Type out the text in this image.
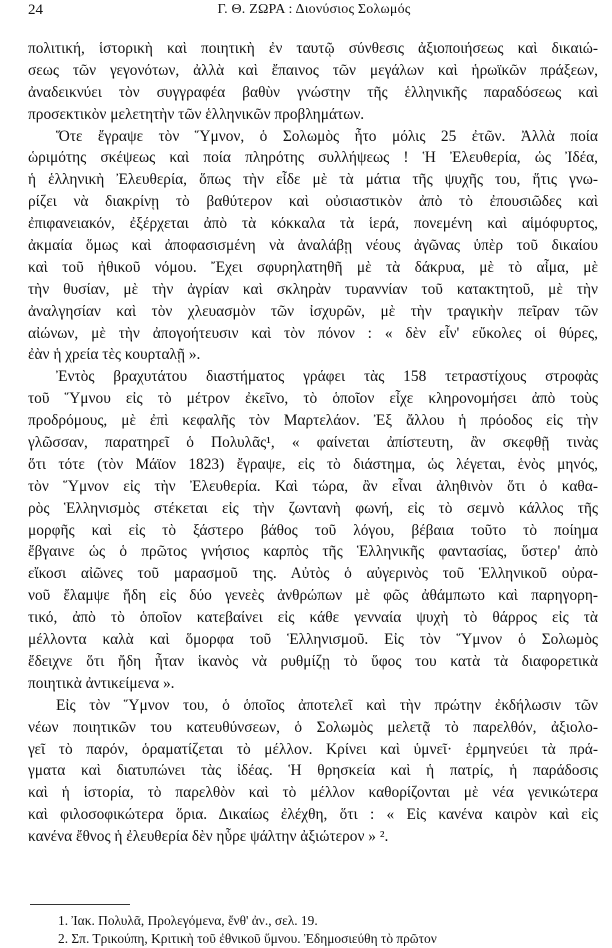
24	Γ. Θ. ΖΩΡΑ : Διονύσιος Σολωμός
πολιτική, ἱστορικὴ καὶ ποιητικὴ ἐν ταυτῷ σύνθεσις ἀξιοποιήσεως καὶ δικαιώ-
σεως τῶν γεγονότων, ἀλλὰ καὶ ἔπαινος τῶν μεγάλων καὶ ἡρωϊκῶν πράξεων,
ἀναδεικνύει τὸν συγγραφέα βαθὺν γνώστην τῆς ἑλληνικῆς παραδόσεως καὶ
προσεκτικὸν μελετητὴν τῶν ἑλληνικῶν προβλημάτων.
Ὅτε ἔγραψε τὸν Ὕμνον, ὁ Σολωμὸς ἦτο μόλις 25 ἐτῶν. Ἀλλὰ ποία
ὡριμότης σκέψεως καὶ ποία πληρότης συλλήψεως ! Ἡ Ἐλευθερία, ὡς Ἰδέα,
ἡ ἑλληνικὴ Ἐλευθερία, ὅπως τὴν εἶδε μὲ τὰ μάτια τῆς ψυχῆς του, ἥτις γνω-
ρίζει νὰ διακρίνῃ τὸ βαθύτερον καὶ οὐσιαστικὸν ἀπὸ τὸ ἐπουσιῶδες καὶ
ἐπιφανειακόν, ἐξέρχεται ἀπὸ τὰ κόκκαλα τὰ ἱερά, πονεμένη καὶ αἱμόφυρτος,
ἀκμαία ὅμως καὶ ἀποφασισμένη νὰ ἀναλάβῃ νέους ἀγῶνας ὑπὲρ τοῦ δικαίου
καὶ τοῦ ἠθικοῦ νόμου. Ἔχει σφυρηλατηθῆ μὲ τὰ δάκρυα, μὲ τὸ αἷμα, μὲ
τὴν θυσίαν, μὲ τὴν ἀγρίαν καὶ σκληρὰν τυραννίαν τοῦ κατακτητοῦ, μὲ τὴν
ἀναλγησίαν καὶ τὸν χλευασμὸν τῶν ἰσχυρῶν, μὲ τὴν τραγικὴν πεῖραν τῶν
αἰώνων, μὲ τὴν ἀπογοήτευσιν καὶ τὸν πόνον : « δὲν εἶν' εὔκολες οἱ θύρες,
ἐὰν ἡ χρεία τὲς κουρταλῇ ».
Ἐντὸς βραχυτάτου διαστήματος γράφει τὰς 158 τετραστίχους στροφὰς
τοῦ Ὕμνου εἰς τὸ μέτρον ἐκεῖνο, τὸ ὁποῖον εἶχε κληρονομήσει ἀπὸ τοὺς
προδρόμους, μὲ ἐπὶ κεφαλῆς τὸν Μαρτελάον. Ἐξ ἄλλου ἡ πρόοδος εἰς τὴν
γλῶσσαν, παρατηρεῖ ὁ Πολυλᾶς¹, « φαίνεται ἀπίστευτη, ἂν σκεφθῇ τινὰς
ὅτι τότε (τὸν Μάϊον 1823) ἔγραψε, εἰς τὸ διάστημα, ὡς λέγεται, ἑνὸς μηνός,
τὸν Ὕμνον εἰς τὴν Ἐλευθερία. Καὶ τώρα, ἂν εἶναι ἀληθινὸν ὅτι ὁ καθα-
ρὸς Ἑλληνισμὸς στέκεται εἰς τὴν ζωντανὴ φωνή, εἰς τὸ σεμνὸ κάλλος τῆς
μορφῆς καὶ εἰς τὸ ξάστερο βάθος τοῦ λόγου, βέβαια τοῦτο τὸ ποίημα
ἔβγαινε ὡς ὁ πρῶτος γνήσιος καρπὸς τῆς Ἑλληνικῆς φαντασίας, ὕστερ' ἀπὸ
εἴκοσι αἰῶνες τοῦ μαρασμοῦ της. Αὐτὸς ὁ αὐγερινὸς τοῦ Ἑλληνικοῦ οὐρα-
νοῦ ἔλαμψε ἤδη εἰς δύο γενεὲς ἀνθρώπων μὲ φῶς ἀθάμπωτο καὶ παρηγορη-
τικό, ἀπὸ τὸ ὁποῖον κατεβαίνει εἰς κάθε γενναία ψυχὴ τὸ θάρρος εἰς τὰ
μέλλοντα καλὰ καὶ ὅμορφα τοῦ Ἑλληνισμοῦ. Εἰς τὸν Ὕμνον ὁ Σολωμὸς
ἔδειχνε ὅτι ἤδη ἦταν ἱκανὸς νὰ ρυθμίζῃ τὸ ὕφος του κατὰ τὰ διαφορετικὰ
ποιητικὰ ἀντικείμενα ».
Εἰς τὸν Ὕμνον του, ὁ ὁποῖος ἀποτελεῖ καὶ τὴν πρώτην ἐκδήλωσιν τῶν
νέων ποιητικῶν του κατευθύνσεων, ὁ Σολωμὸς μελετᾷ τὸ παρελθόν, ἀξιολο-
γεῖ τὸ παρόν, ὁραματίζεται τὸ μέλλον. Κρίνει καὶ ὑμνεῖ· ἑρμηνεύει τὰ πρά-
γματα καὶ διατυπώνει τὰς ἰδέας. Ἡ θρησκεία καὶ ἡ πατρίς, ἡ παράδοσις
καὶ ἡ ἱστορία, τὸ παρελθὸν καὶ τὸ μέλλον καθορίζονται μὲ νέα γενικώτερα
καὶ φιλοσοφικώτερα ὅρια. Δικαίως ἐλέχθη, ὅτι : « Εἰς κανένα καιρὸν καὶ εἰς
κανένα ἔθνος ἡ ἐλευθερία δὲν ηὗρε ψάλτην ἀξιώτερον » ².
1. Ἰακ. Πολυλᾶ, Προλεγόμενα, ἔνθ' ἀν., σελ. 19.
2. Σπ. Τρικούπη, Κριτικὴ τοῦ ἐθνικοῦ ὕμνου. Ἐδημοσιεύθη τὸ πρῶτον
